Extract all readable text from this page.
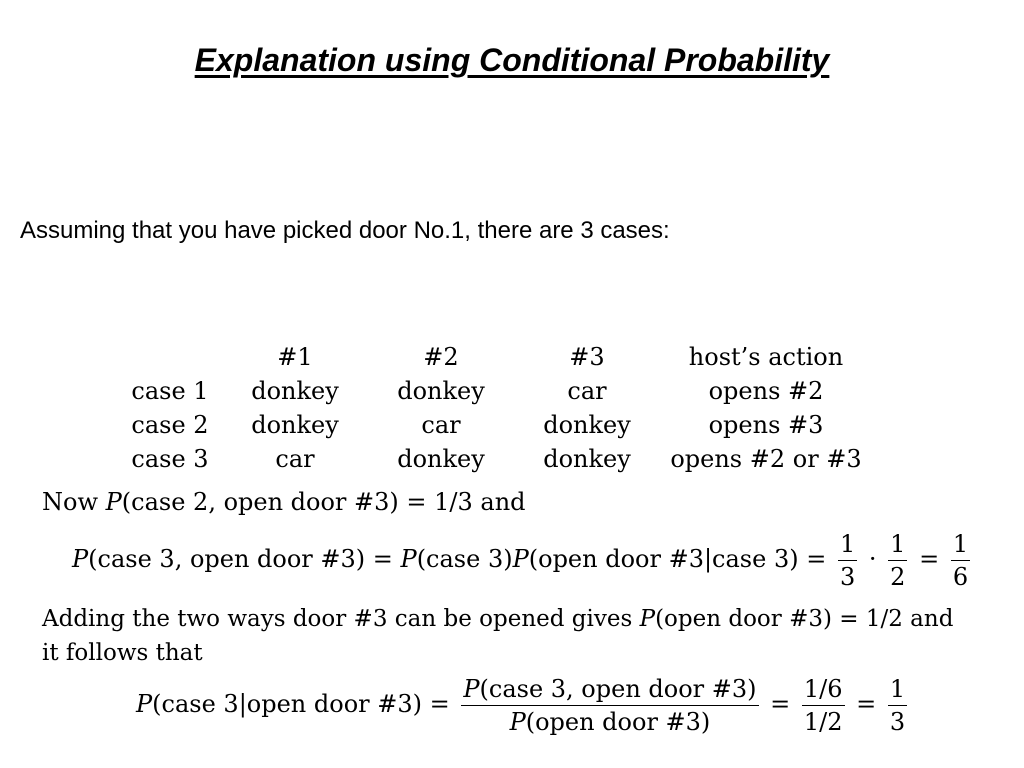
Explanation using Conditional Probability
Assuming that you have picked door No.1, there are 3 cases:
	#1	#2	#3	host’s action
case 1	donkey	donkey	car	opens #2
case 2	donkey	car	donkey	opens #3
case 3	car	donkey	donkey	opens #2 or #3
Now P(case 2, open door #3) = 1/3 and
P(case 3, open door #3) = P(case 3)P(open door #3|case $3) = \frac{1}{3} \cdot \frac{1}{2} = \frac{1}{6}$
Adding the two ways door #3 can be opened gives P(open door #3) = 1/2 and
it follows that
P(case 3|open door #3) = $\frac{\text{P(case 3, open door \#3)}}{\text{P(open door \#3)}} = \frac{1/6}{1/2} = \frac{1}{3}$
